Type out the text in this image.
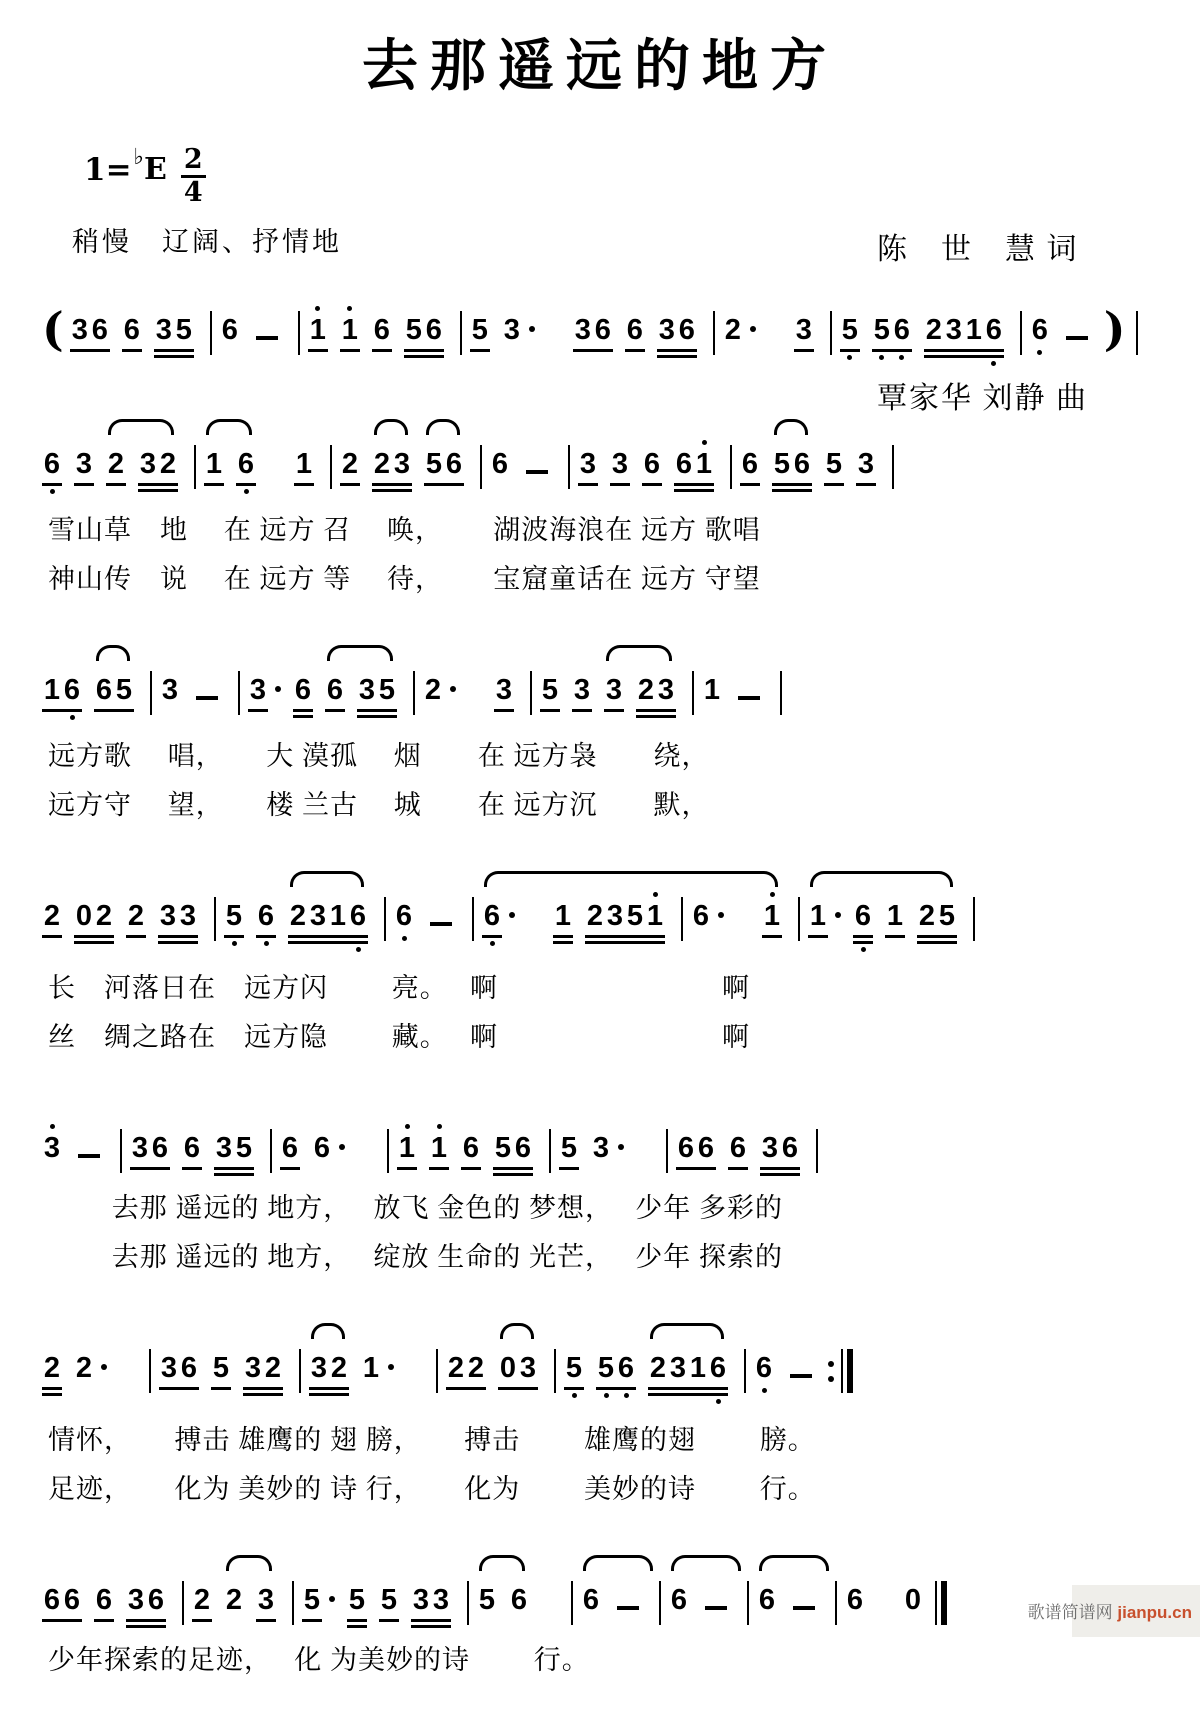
去那遥远的地方

陈　世　慧 词

覃家华 刘静 曲

1= ♭ E $\frac{2}{4}$
稍慢　辽阔、抒情地
( 3 6 6 3 5 6 1 1 6 5 6 5 3 3 6 6 3 6 2 3 5 5 6 2 3 1 6 6 )
6 3 2 3 2 1 6 1 2 2 3 5 6 6 3 3 6 6 1 6 5 6 5 3
雪山草　地　 在 远方 召　 唤，　　 湖波海浪在 远方 歌唱
神山传　说　 在 远方 等　 待，　　 宝窟童话在 远方 守望
1 6 6 5 3 3 6 6 3 5 2 3 5 3 3 2 3 1
远方歌　 唱，　　大 漠孤　 烟　　在 远方袅　　绕，
远方守　 望，　　楼 兰古　 城　　在 远方沉　　默，
2 0 2 2 3 3 5 6 2 3 1 6 6 6 1 2 3 5 1 6 1 1 6 1 2 5
长　河落日在　远方闪　　 亮。　 啊　　　　　　　　啊
丝　绸之路在　远方隐　　 藏。　 啊　　　　　　　　啊
3 3 6 6 3 5 6 6 1 1 6 5 6 5 3 6 6 6 3 6
　　 去那 遥远的 地方，　 放飞 金色的 梦想，　 少年 多彩的
　　 去那 遥远的 地方，　 绽放 生命的 光芒，　 少年 探索的
2 2 3 6 5 3 2 3 2 1 2 2 0 3 5 5 6 2 3 1 6 6
情怀，　　搏击 雄鹰的 翅 膀，　　搏击　　 雄鹰的翅　　 膀。
足迹，　　化为 美妙的 诗 行，　　化为　　 美妙的诗　　 行。
6 6 6 3 6 2 2 3 5 5 5 3 3 5 6 6 6 6 6 0
少年探索的足迹，　 化 为美妙的诗　　 行。
歌谱简谱网 jianpu.cn
